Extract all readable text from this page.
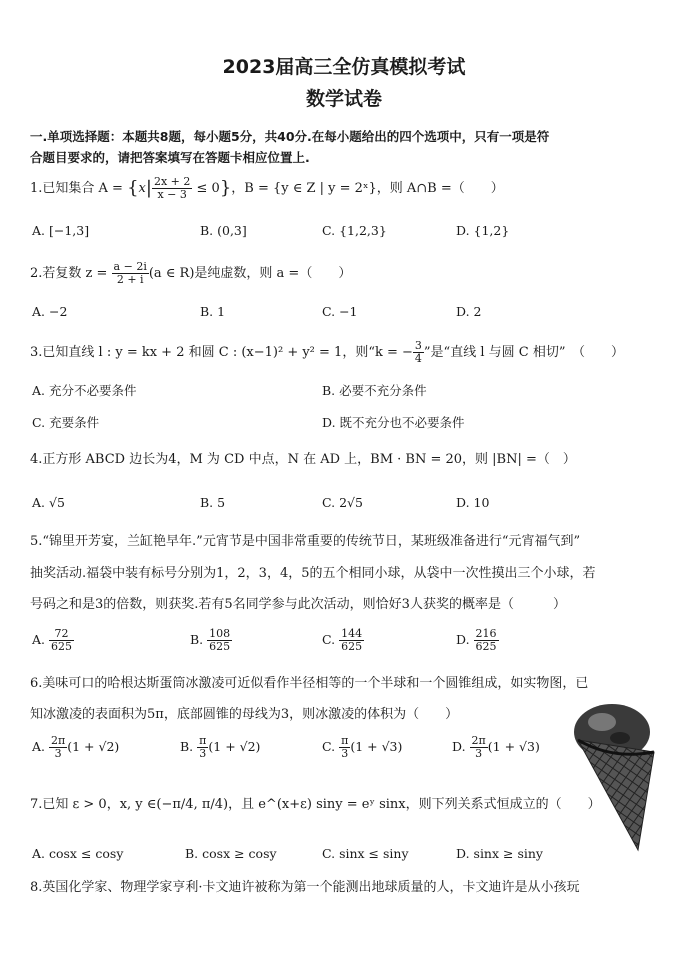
2023届高三全仿真模拟考试
数学试卷
一.单项选择题：本题共8题，每小题5分，共40分.在每小题给出的四个选项中，只有一项是符
合题目要求的，请把答案填写在答题卡相应位置上.
1.已知集合 $A = \{x| \frac{2x + 2}{x - 3} \le 0\}$，B = {y ∈ Z | y = 2ˣ}，则 A∩B =（　　）
A. [−1,3]	B. (0,3]	C. {1,2,3}	D. {1,2}
2.若复数 $z = \frac{a - 2i}{2 + i} (a$ ∈ R)是纯虚数，则 a =（　　）
A. −2	B. 1	C. −1	D. 2
3.已知直线 l : y = kx + 2 和圆 C : (x−1)² + y² = 1，则“k = − $\frac{3}{4}$ ”是“直线 l 与圆 C 相切”　（　　）
A. 充分不必要条件	B. 必要不充分条件
C. 充要条件	D. 既不充分也不必要条件
4.正方形 ABCD 边长为4，M 为 CD 中点，N 在 AD 上，BM · BN = 20，则 |BN| =（　）
A. √5	B. 5	C. 2√5	D. 10
5.“锦里开芳宴，兰缸艳早年.”元宵节是中国非常重要的传统节日，某班级准备进行“元宵福气到”
抽奖活动.福袋中装有标号分别为1，2，3，4，5的五个相同小球，从袋中一次性摸出三个小球，若
号码之和是3的倍数，则获奖.若有5名同学参与此次活动，则恰好3人获奖的概率是（　　　）
A. $\frac{72}{625}$	B. $\frac{108}{625}$	C. $\frac{144}{625}$	D. $\frac{216}{625}$
6.美味可口的哈根达斯蛋筒冰激凌可近似看作半径相等的一个半球和一个圆锥组成，如实物图，已
知冰激凌的表面积为5π，底部圆锥的母线为3，则冰激凌的体积为（　　）
A. $\frac{2\pi}{3} (1 + √2)$	B. $\frac{\pi}{3} (1 + √2)$	C. $\frac{\pi}{3} (1 + √3)$	D. $\frac{2\pi}{3} (1 + √3)$
7.已知 ε > 0，x, y ∈(−π/4, π/4)，且 e^(x+ε) siny = eʸ sinx，则下列关系式恒成立的（　　）
A. cosx ≤ cosy	B. cosx ≥ cosy	C. sinx ≤ siny	D. sinx ≥ siny
8.英国化学家、物理学家亨利·卡文迪许被称为第一个能测出地球质量的人，卡文迪许是从小孩玩
